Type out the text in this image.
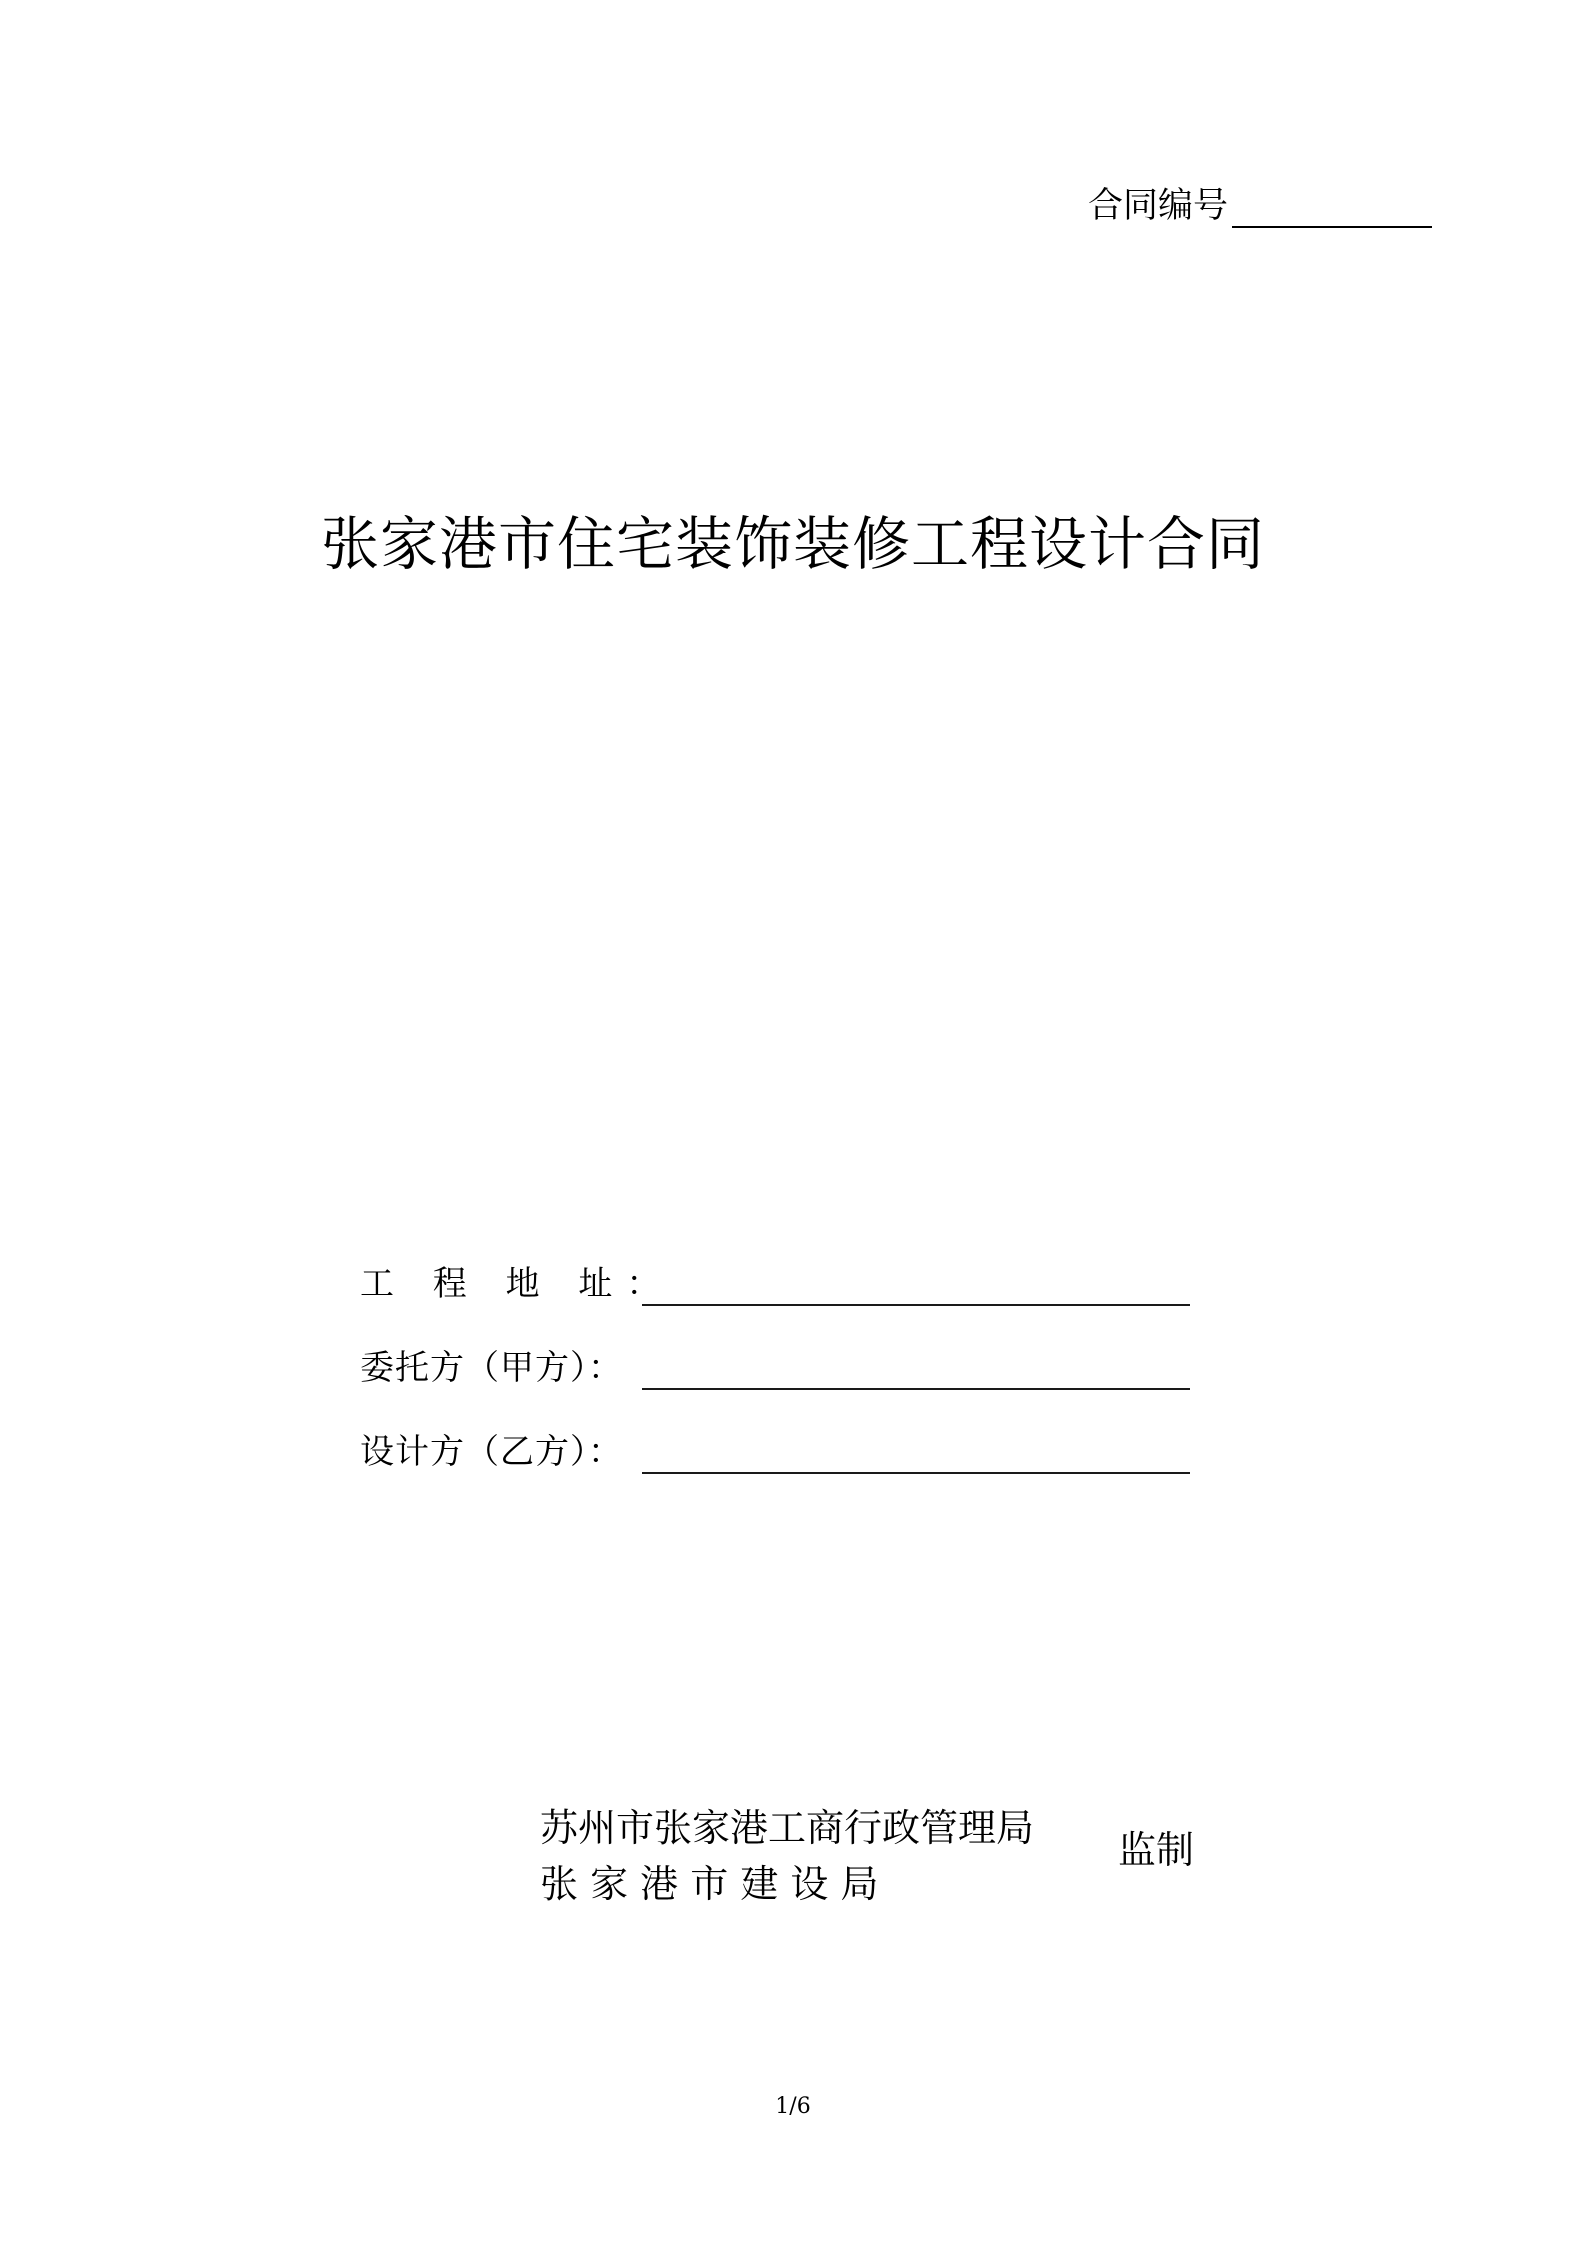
合同编号
张家港市住宅装饰装修工程设计合同
工 程 地 址：
委托方（甲方）：
设计方（乙方）：
苏州市张家港工商行政管理局
张 家 港 市 建 设 局
监制
1/6
